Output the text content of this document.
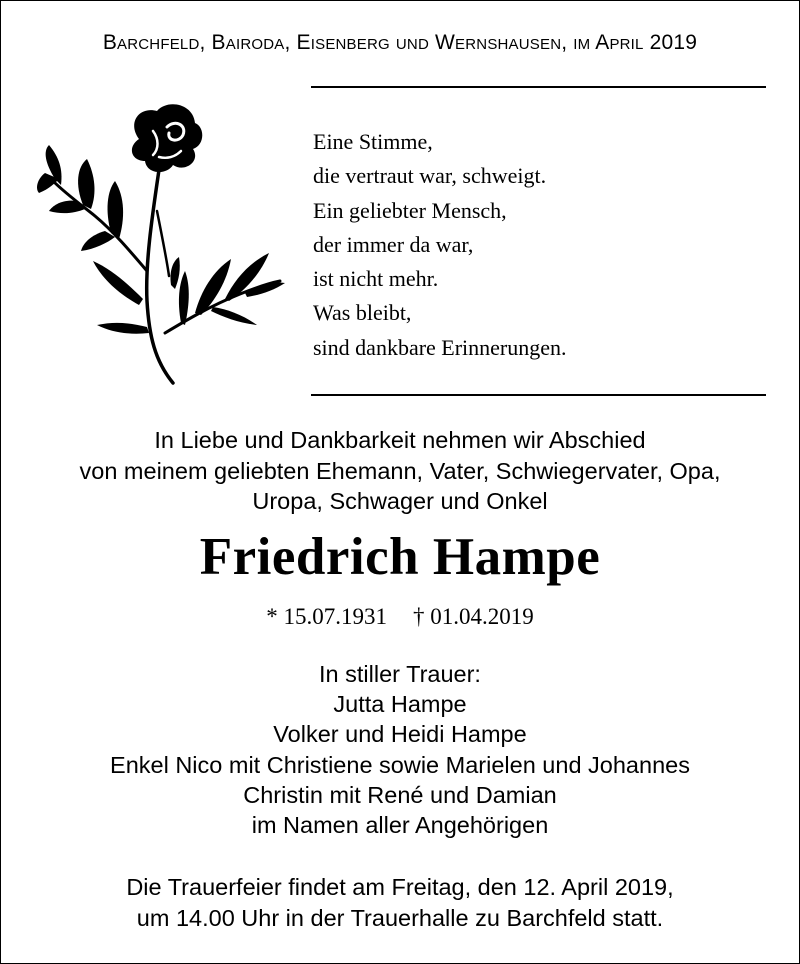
Barchfeld, Bairoda, Eisenberg und Wernshausen, im April 2019
Eine Stimme,
die vertraut war, schweigt.
Ein geliebter Mensch,
der immer da war,
ist nicht mehr.
Was bleibt,
sind dankbare Erinnerungen.
In Liebe und Dankbarkeit nehmen wir Abschied
von meinem geliebten Ehemann, Vater, Schwiegervater, Opa,
Uropa, Schwager und Onkel
Friedrich Hampe
* 15.07.1931 † 01.04.2019
In stiller Trauer:
Jutta Hampe
Volker und Heidi Hampe
Enkel Nico mit Christiene sowie Marielen und Johannes
Christin mit René und Damian
im Namen aller Angehörigen
Die Trauerfeier findet am Freitag, den 12. April 2019,
um 14.00 Uhr in der Trauerhalle zu Barchfeld statt.
